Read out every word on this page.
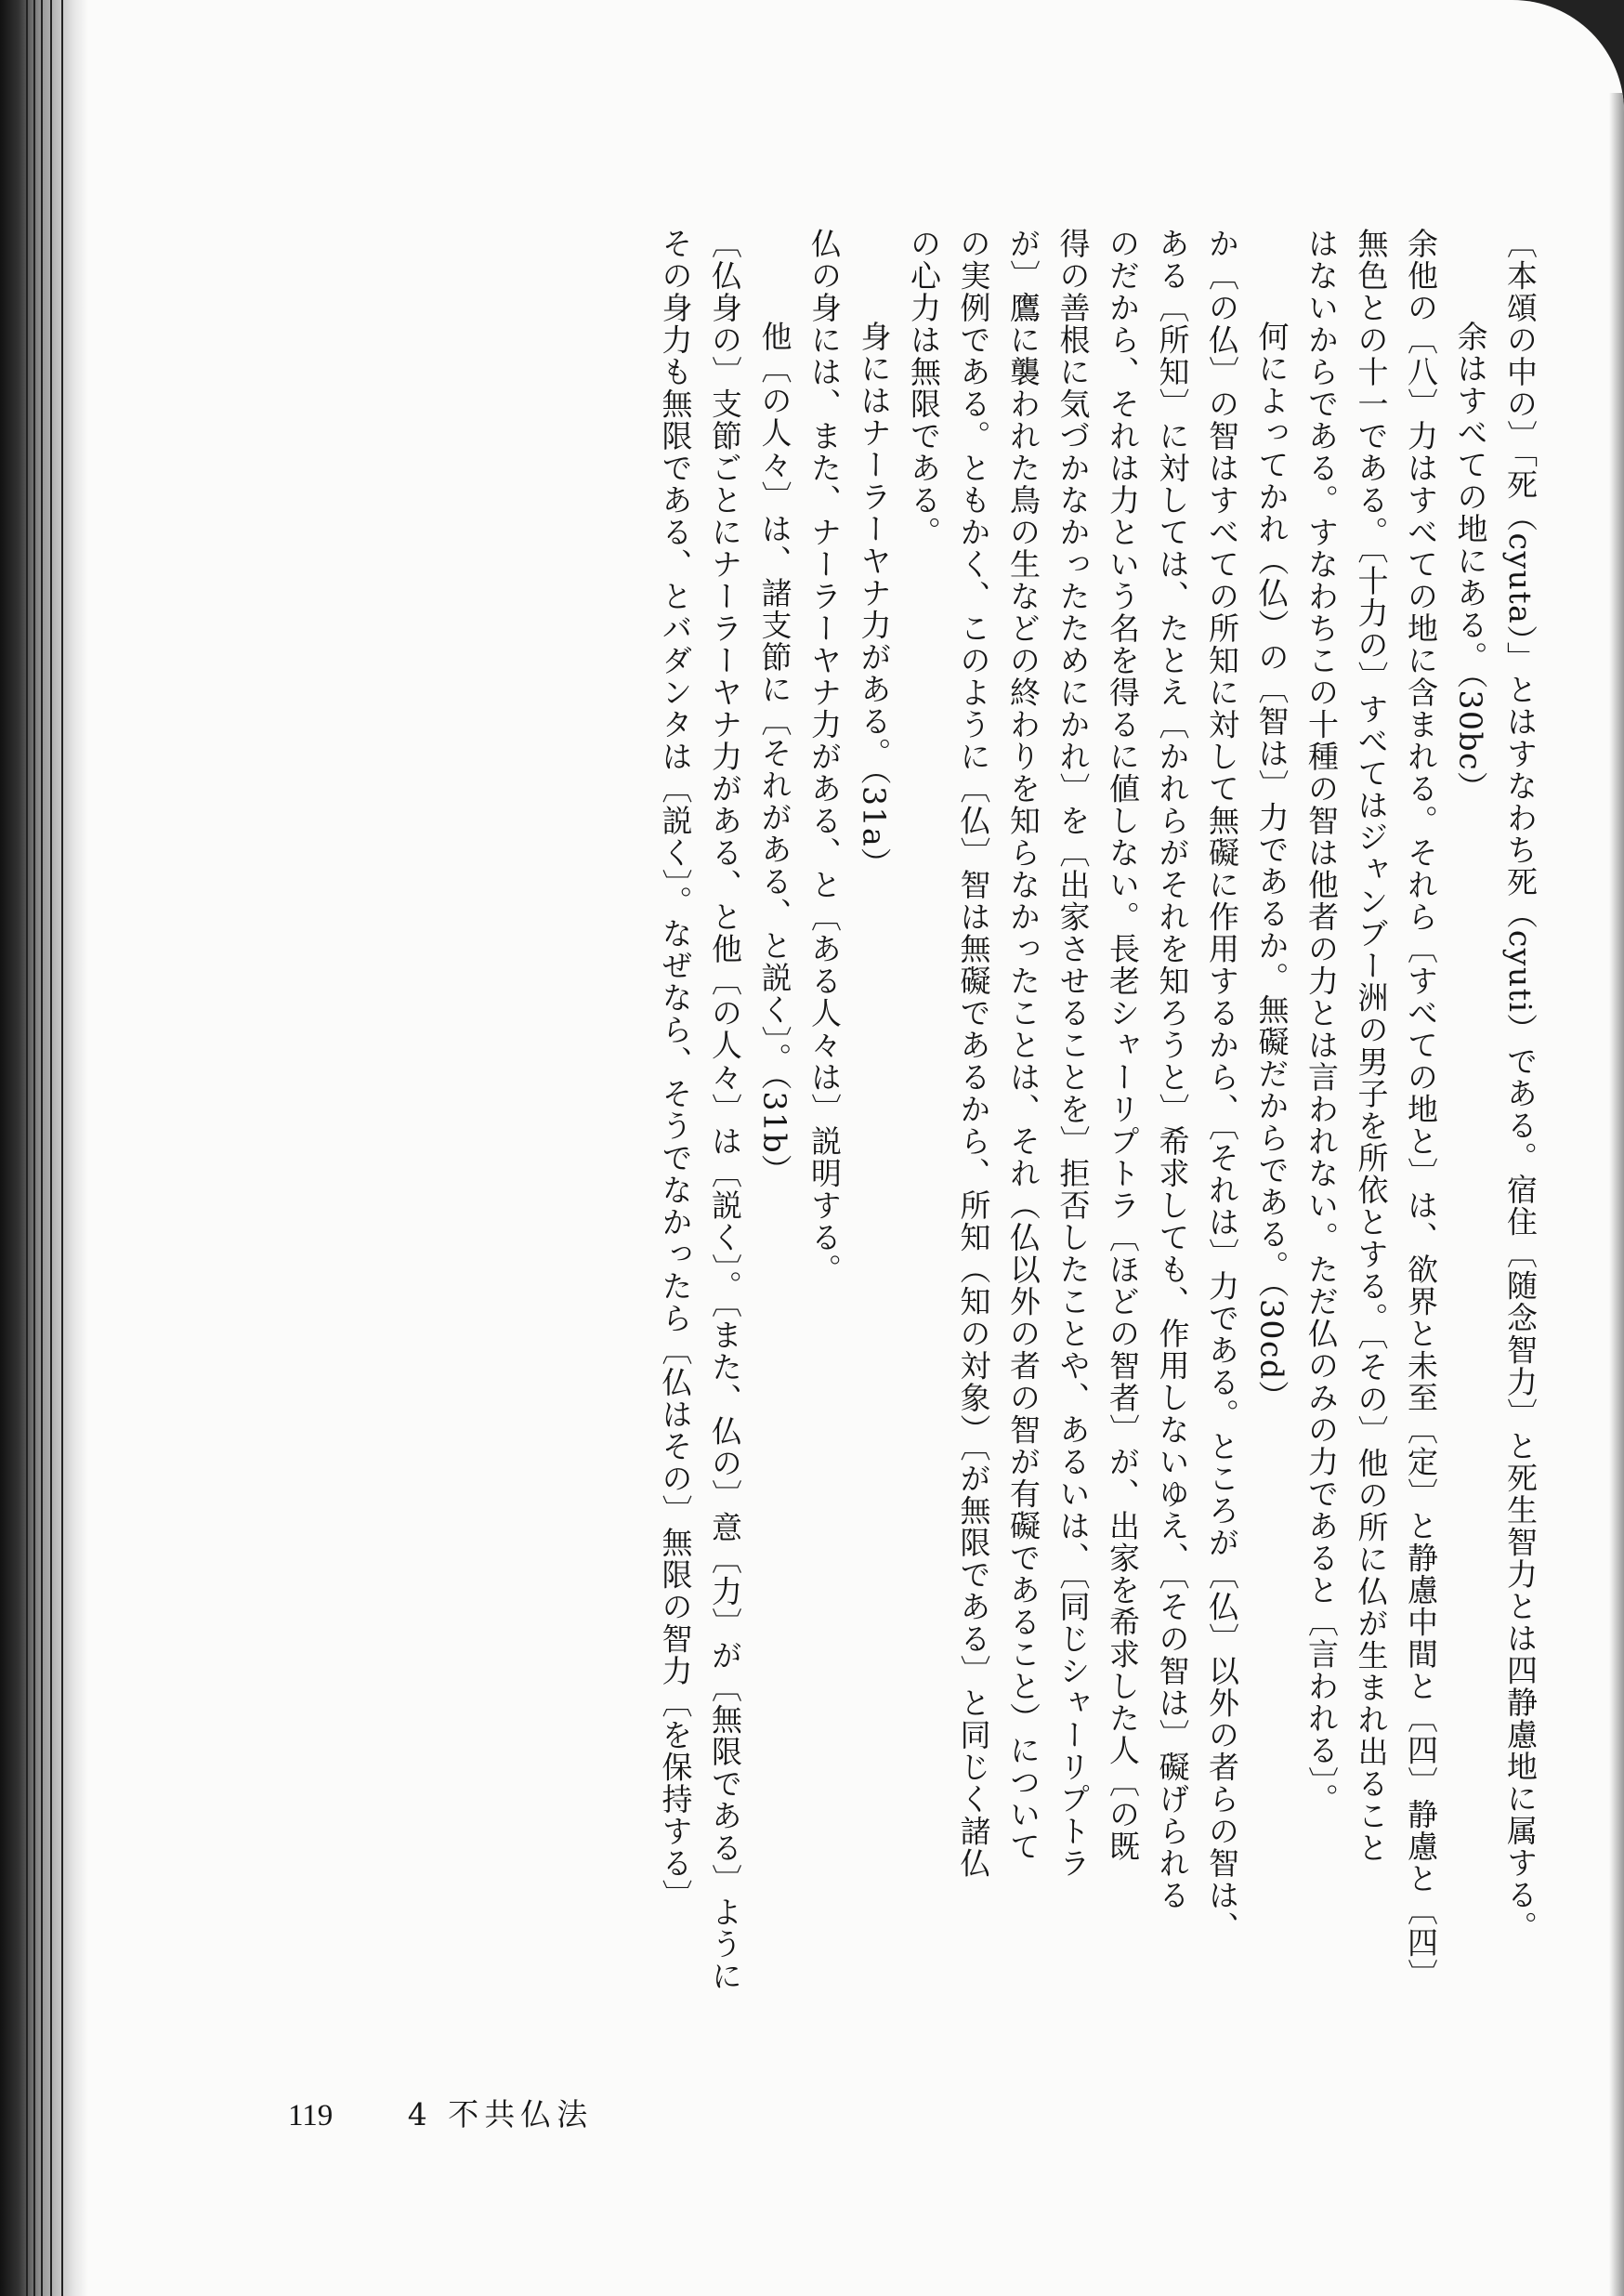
〔本頌の中の〕「死（cyuta）」とはすなわち死（cyuti）である。宿住〔随念智力〕と死生智力とは四静慮地に属する。
余はすべての地にある。（30bc）
余他の〔八〕力はすべての地に含まれる。それら〔すべての地と〕は、欲界と未至〔定〕と静慮中間と〔四〕静慮と〔四〕
無色との十一である。〔十力の〕すべてはジャンブー洲の男子を所依とする。〔その〕他の所に仏が生まれ出ること
はないからである。すなわちこの十種の智は他者の力とは言われない。ただ仏のみの力であると〔言われる〕。
何によってかれ（仏）の〔智は〕力であるか。無礙だからである。（30cd）
か〔の仏〕の智はすべての所知に対して無礙に作用するから、〔それは〕力である。ところが〔仏〕以外の者らの智は、
ある〔所知〕に対しては、たとえ〔かれらがそれを知ろうと〕希求しても、作用しないゆえ、〔その智は〕礙げられる
のだから、それは力という名を得るに値しない。長老シャーリプトラ〔ほどの智者〕が、出家を希求した人〔の既
得の善根に気づかなかったためにかれ〕を〔出家させることを〕拒否したことや、あるいは、〔同じシャーリプトラ
が〕鷹に襲われた鳥の生などの終わりを知らなかったことは、それ（仏以外の者の智が有礙であること）について
の実例である。ともかく、このように〔仏〕智は無礙であるから、所知（知の対象）〔が無限である〕と同じく諸仏
の心力は無限である。
身にはナーラーヤナ力がある。（31a）
仏の身には、また、ナーラーヤナ力がある、と〔ある人々は〕説明する。
他〔の人々〕は、諸支節に〔それがある、と説く〕。（31b）
〔仏身の〕支節ごとにナーラーヤナ力がある、と他〔の人々〕は〔説く〕。〔また、仏の〕意〔力〕が〔無限である〕ように
その身力も無限である、とバダンタは〔説く〕。なぜなら、そうでなかったら〔仏はその〕無限の智力〔を保持する〕
119 4 不共仏法
